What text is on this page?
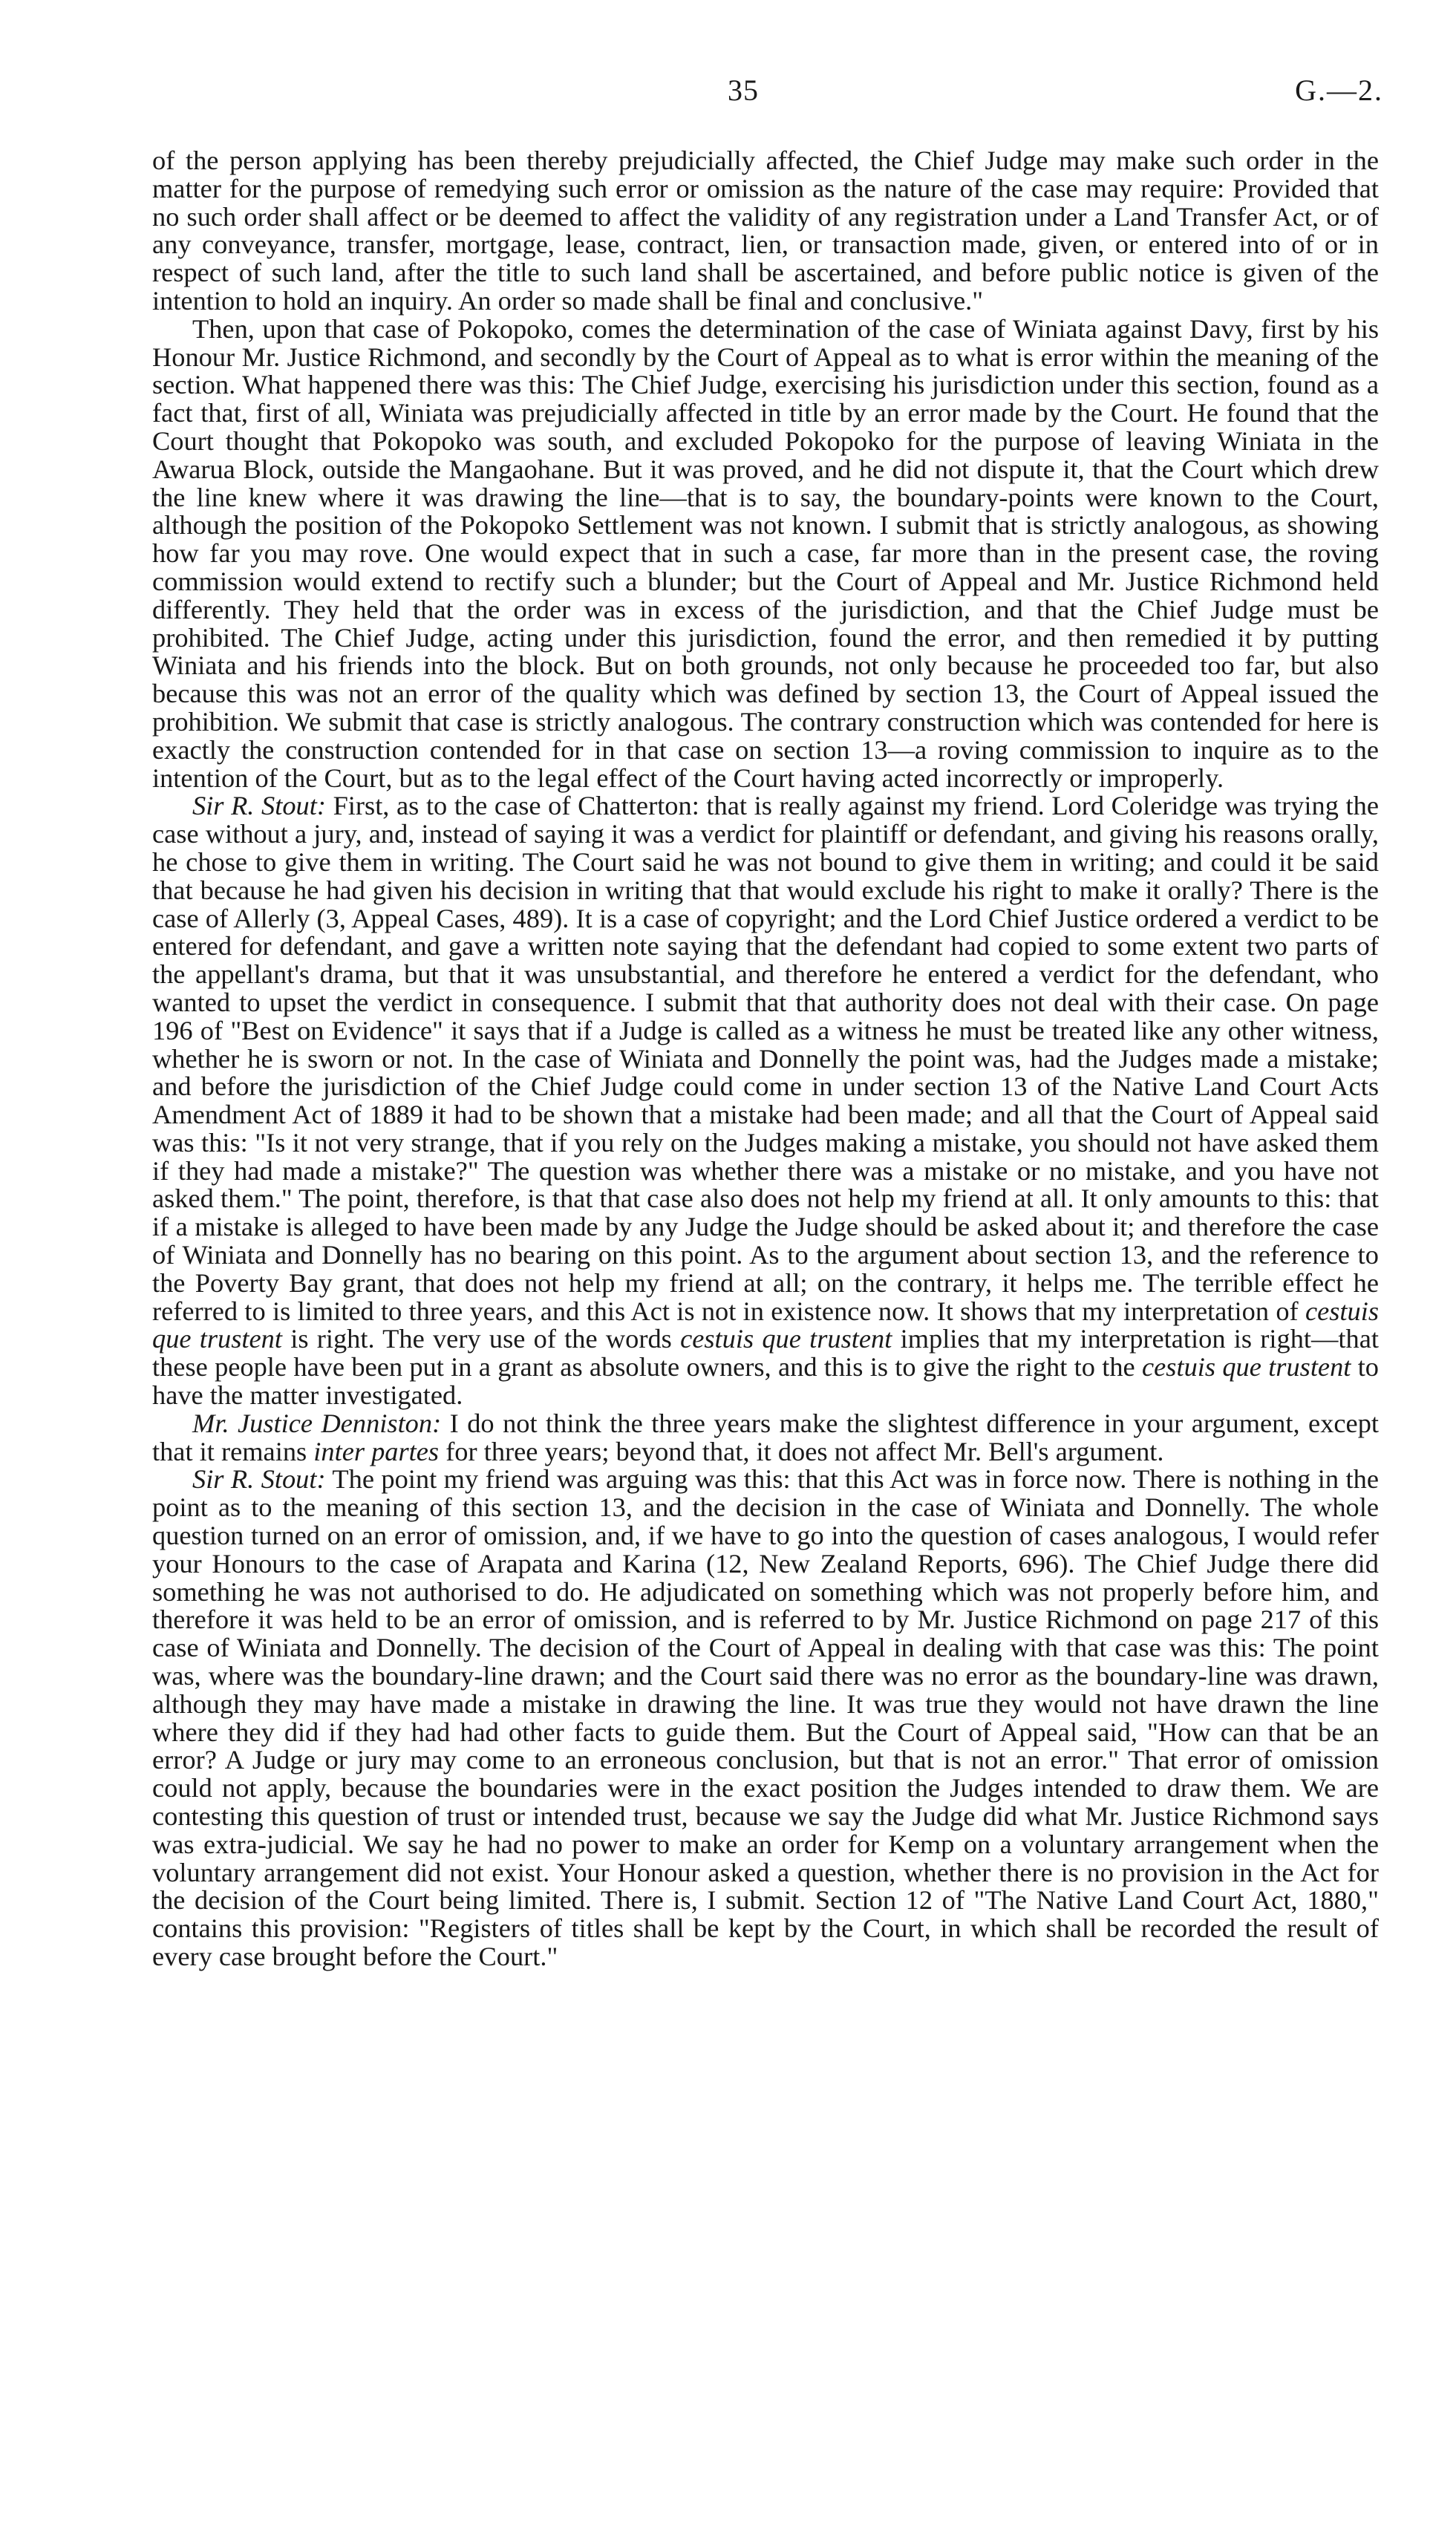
35	G.—2.

of the person applying has been thereby prejudicially affected, the Chief Judge may make such order in the matter for the purpose of remedying such error or omission as the nature of the case may require: Provided that no such order shall affect or be deemed to affect the validity of any registration under a Land Transfer Act, or of any conveyance, transfer, mortgage, lease, contract, lien, or transaction made, given, or entered into of or in respect of such land, after the title to such land shall be ascertained, and before public notice is given of the intention to hold an inquiry. An order so made shall be final and conclusive."

Then, upon that case of Pokopoko, comes the determination of the case of Winiata against Davy, first by his Honour Mr. Justice Richmond, and secondly by the Court of Appeal as to what is error within the meaning of the section. What happened there was this: The Chief Judge, exercising his jurisdiction under this section, found as a fact that, first of all, Winiata was prejudicially affected in title by an error made by the Court. He found that the Court thought that Pokopoko was south, and excluded Pokopoko for the purpose of leaving Winiata in the Awarua Block, outside the Mangaohane. But it was proved, and he did not dispute it, that the Court which drew the line knew where it was drawing the line—that is to say, the boundary-points were known to the Court, although the position of the Pokopoko Settlement was not known. I submit that is strictly analogous, as showing how far you may rove. One would expect that in such a case, far more than in the present case, the roving commission would extend to rectify such a blunder; but the Court of Appeal and Mr. Justice Richmond held differently. They held that the order was in excess of the jurisdiction, and that the Chief Judge must be prohibited. The Chief Judge, acting under this jurisdiction, found the error, and then remedied it by putting Winiata and his friends into the block. But on both grounds, not only because he proceeded too far, but also because this was not an error of the quality which was defined by section 13, the Court of Appeal issued the prohibition. We submit that case is strictly analogous. The contrary construction which was contended for here is exactly the construction contended for in that case on section 13—a roving commission to inquire as to the intention of the Court, but as to the legal effect of the Court having acted incorrectly or improperly.

Sir R. Stout: First, as to the case of Chatterton: that is really against my friend. Lord Coleridge was trying the case without a jury, and, instead of saying it was a verdict for plaintiff or defendant, and giving his reasons orally, he chose to give them in writing. The Court said he was not bound to give them in writing; and could it be said that because he had given his decision in writing that that would exclude his right to make it orally? There is the case of Allerly (3, Appeal Cases, 489). It is a case of copyright; and the Lord Chief Justice ordered a verdict to be entered for defendant, and gave a written note saying that the defendant had copied to some extent two parts of the appellant's drama, but that it was unsubstantial, and therefore he entered a verdict for the defendant, who wanted to upset the verdict in consequence. I submit that that authority does not deal with their case. On page 196 of "Best on Evidence" it says that if a Judge is called as a witness he must be treated like any other witness, whether he is sworn or not. In the case of Winiata and Donnelly the point was, had the Judges made a mistake; and before the jurisdiction of the Chief Judge could come in under section 13 of the Native Land Court Acts Amendment Act of 1889 it had to be shown that a mistake had been made; and all that the Court of Appeal said was this: "Is it not very strange, that if you rely on the Judges making a mistake, you should not have asked them if they had made a mistake?" The question was whether there was a mistake or no mistake, and you have not asked them." The point, therefore, is that that case also does not help my friend at all. It only amounts to this: that if a mistake is alleged to have been made by any Judge the Judge should be asked about it; and therefore the case of Winiata and Donnelly has no bearing on this point. As to the argument about section 13, and the reference to the Poverty Bay grant, that does not help my friend at all; on the contrary, it helps me. The terrible effect he referred to is limited to three years, and this Act is not in existence now. It shows that my interpretation of cestuis que trustent is right. The very use of the words cestuis que trustent implies that my interpretation is right—that these people have been put in a grant as absolute owners, and this is to give the right to the cestuis que trustent to have the matter investigated.

Mr. Justice Denniston: I do not think the three years make the slightest difference in your argument, except that it remains inter partes for three years; beyond that, it does not affect Mr. Bell's argument.

Sir R. Stout: The point my friend was arguing was this: that this Act was in force now. There is nothing in the point as to the meaning of this section 13, and the decision in the case of Winiata and Donnelly. The whole question turned on an error of omission, and, if we have to go into the question of cases analogous, I would refer your Honours to the case of Arapata and Karina (12, New Zealand Reports, 696). The Chief Judge there did something he was not authorised to do. He adjudicated on something which was not properly before him, and therefore it was held to be an error of omission, and is referred to by Mr. Justice Richmond on page 217 of this case of Winiata and Donnelly. The decision of the Court of Appeal in dealing with that case was this: The point was, where was the boundary-line drawn; and the Court said there was no error as the boundary-line was drawn, although they may have made a mistake in drawing the line. It was true they would not have drawn the line where they did if they had had other facts to guide them. But the Court of Appeal said, "How can that be an error? A Judge or jury may come to an erroneous conclusion, but that is not an error." That error of omission could not apply, because the boundaries were in the exact position the Judges intended to draw them. We are contesting this question of trust or intended trust, because we say the Judge did what Mr. Justice Richmond says was extra-judicial. We say he had no power to make an order for Kemp on a voluntary arrangement when the voluntary arrangement did not exist. Your Honour asked a question, whether there is no provision in the Act for the decision of the Court being limited. There is, I submit. Section 12 of "The Native Land Court Act, 1880," contains this provision: "Registers of titles shall be kept by the Court, in which shall be recorded the result of every case brought before the Court."
